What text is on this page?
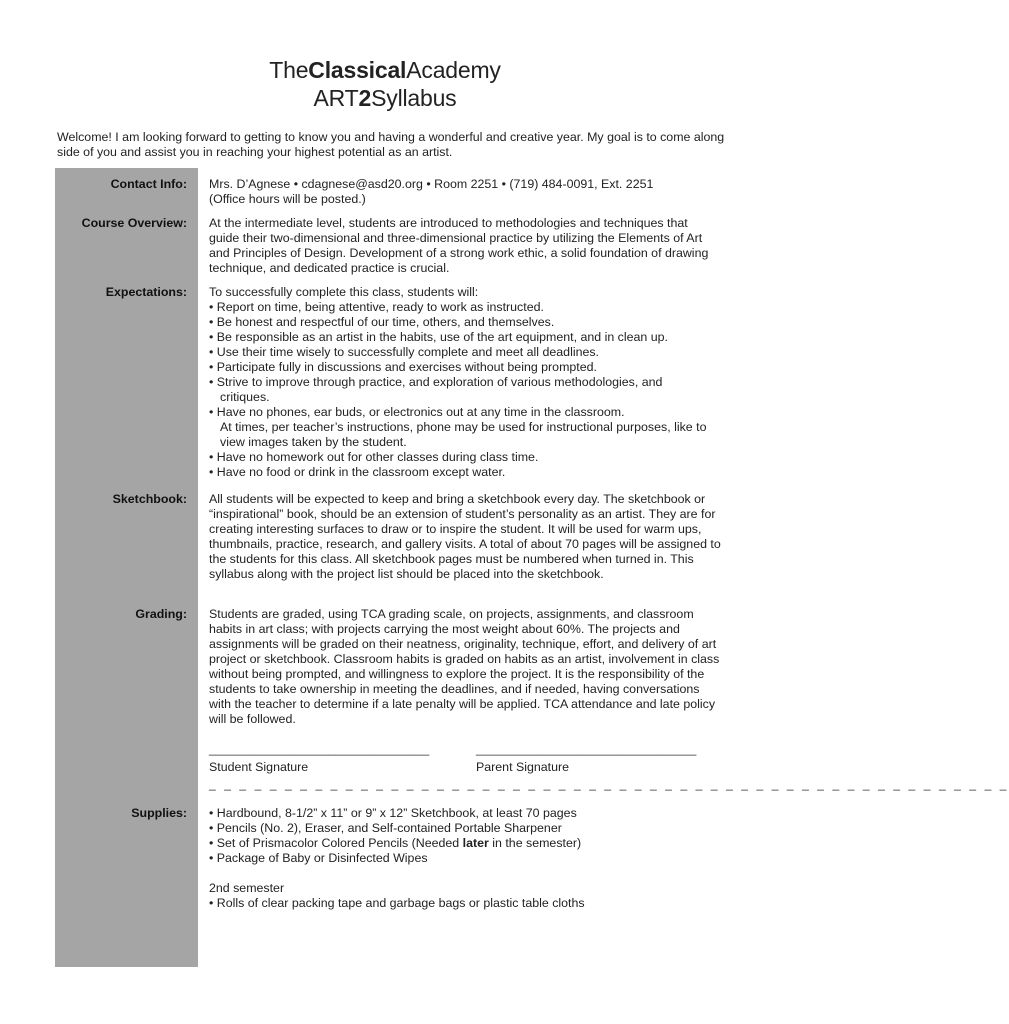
TheClassicalAcademy
ART2Syllabus
Welcome! I am looking forward to getting to know you and having a wonderful and creative year. My goal is to come along side of you and assist you in reaching your highest potential as an artist.
Contact Info: Mrs. D’Agnese • cdagnese@asd20.org • Room 2251 • (719) 484-0091, Ext. 2251

(Office hours will be posted.)

Course Overview: At the intermediate level, students are introduced to methodologies and techniques that guide their two-dimensional and three-dimensional practice by utilizing the Elements of Art and Principles of Design. Development of a strong work ethic, a solid foundation of drawing technique, and dedicated practice is crucial.
Expectations: To successfully complete this class, students will:

• Report on time, being attentive, ready to work as instructed.

• Be honest and respectful of our time, others, and themselves.

• Be responsible as an artist in the habits, use of the art equipment, and in clean up.

• Use their time wisely to successfully complete and meet all deadlines.

• Participate fully in discussions and exercises without being prompted.

• Strive to improve through practice, and exploration of various methodologies, and

critiques.

• Have no phones, ear buds, or electronics out at any time in the classroom.

At times, per teacher’s instructions, phone may be used for instructional purposes, like to view images taken by the student.

• Have no homework out for other classes during class time.

• Have no food or drink in the classroom except water.

Sketchbook: All students will be expected to keep and bring a sketchbook every day. The sketchbook or “inspirational” book, should be an extension of student’s personality as an artist. They are for creating interesting surfaces to draw or to inspire the student. It will be used for warm ups, thumbnails, practice, research, and gallery visits. A total of about 70 pages will be assigned to the students for this class. All sketchbook pages must be numbered when turned in. This syllabus along with the project list should be placed into the sketchbook.
Grading: Students are graded, using TCA grading scale, on projects, assignments, and classroom habits in art class; with projects carrying the most weight about 60%. The projects and assignments will be graded on their neatness, originality, technique, effort, and delivery of art project or sketchbook. Classroom habits is graded on habits as an artist, involvement in class without being prompted, and willingness to explore the project. It is the responsibility of the students to take ownership in meeting the deadlines, and if needed, having conversations with the teacher to determine if a late penalty will be applied. TCA attendance and late policy will be followed.
_________________________________	_________________________________
Student Signature	Parent Signature
_ _ _ _ _ _ _ _ _ _ _ _ _ _ _ _ _ _ _ _ _ _ _ _ _ _ _ _ _ _ _ _ _ _ _ _ _ _ _ _ _ _ _ _ _ _ _ _ _ _ _ _ _
Supplies: • Hardbound, 8-1/2” x 11” or 9” x 12” Sketchbook, at least 70 pages

• Pencils (No. 2), Eraser, and Self-contained Portable Sharpener

• Set of Prismacolor Colored Pencils (Needed later in the semester)

• Package of Baby or Disinfected Wipes

2nd semester

• Rolls of clear packing tape and garbage bags or plastic table cloths
